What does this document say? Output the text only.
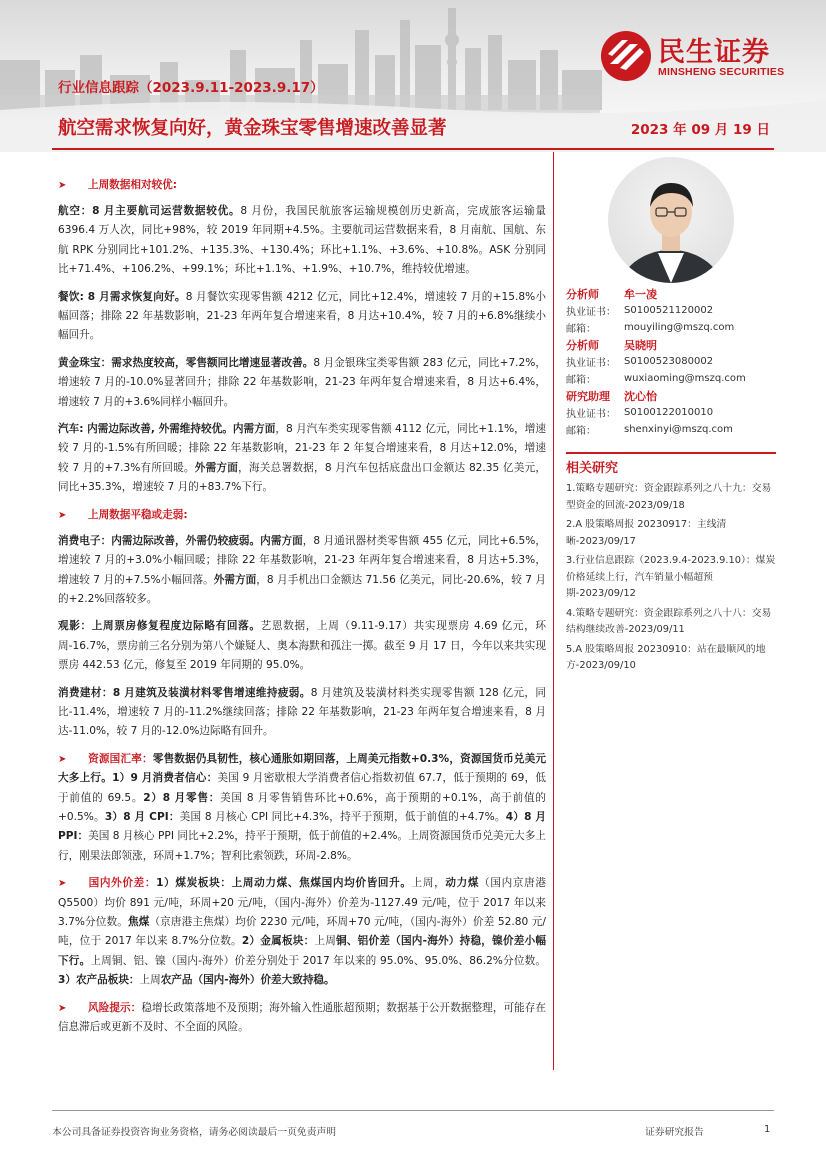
民生证券
MINSHENG SECURITIES
行业信息跟踪（2023.9.11-2023.9.17）
航空需求恢复向好，黄金珠宝零售增速改善显著	2023 年 09 月 19 日
➤	上周数据相对较优:

航空：8 月主要航司运营数据较优。8 月份，我国民航旅客运输规模创历史新高，完成旅客运输量 6396.4 万人次，同比+98%，较 2019 年同期+4.5%。主要航司运营数据来看，8 月南航、国航、东航 RPK 分别同比+101.2%、+135.3%、+130.4%；环比+1.1%、+3.6%、+10.8%。ASK 分别同比+71.4%、+106.2%、+99.1%；环比+1.1%、+1.9%、+10.7%，维持较优增速。

餐饮: 8 月需求恢复向好。8 月餐饮实现零售额 4212 亿元，同比+12.4%，增速较 7 月的+15.8%小幅回落；排除 22 年基数影响，21-23 年两年复合增速来看，8 月达+10.4%，较 7 月的+6.8%继续小幅回升。

黄金珠宝：需求热度较高，零售额同比增速显著改善。8 月金银珠宝类零售额 283 亿元，同比+7.2%，增速较 7 月的-10.0%显著回升；排除 22 年基数影响，21-23 年两年复合增速来看，8 月达+6.4%，增速较 7 月的+3.6%同样小幅回升。

汽车: 内需边际改善, 外需维持较优。内需方面，8 月汽车类实现零售额 4112 亿元，同比+1.1%，增速较 7 月的-1.5%有所回暖；排除 22 年基数影响，21-23 年 2 年复合增速来看，8 月达+12.0%，增速较 7 月的+7.3%有所回暖。外需方面，海关总署数据，8 月汽车包括底盘出口金额达 82.35 亿美元，同比+35.3%，增速较 7 月的+83.7%下行。

➤	上周数据平稳或走弱:

消费电子：内需边际改善，外需仍较疲弱。内需方面，8 月通讯器材类零售额 455 亿元，同比+6.5%，增速较 7 月的+3.0%小幅回暖；排除 22 年基数影响，21-23 年两年复合增速来看，8 月达+5.3%，增速较 7 月的+7.5%小幅回落。外需方面，8 月手机出口金额达 71.56 亿美元，同比-20.6%，较 7 月的+2.2%回落较多。

观影：上周票房修复程度边际略有回落。艺恩数据，上周（9.11-9.17）共实现票房 4.69 亿元，环周-16.7%，票房前三名分别为第八个嫌疑人、奥本海默和孤注一掷。截至 9 月 17 日，今年以来共实现票房 442.53 亿元，修复至 2019 年同期的 95.0%。

消费建材：8 月建筑及装潢材料零售增速维持疲弱。8 月建筑及装潢材料类实现零售额 128 亿元，同比-11.4%，增速较 7 月的-11.2%继续回落；排除 22 年基数影响，21-23 年两年复合增速来看，8 月达-11.0%，较 7 月的-12.0%边际略有回升。

➤ 资源国汇率：零售数据仍具韧性，核心通胀如期回落，上周美元指数+0.3%，资源国货币兑美元大多上行。1）9 月消费者信心：美国 9 月密歇根大学消费者信心指数初值 67.7，低于预期的 69，低于前值的 69.5。2）8 月零售：美国 8 月零售销售环比+0.6%，高于预期的+0.1%，高于前值的+0.5%。3）8 月 CPI：美国 8 月核心 CPI 同比+4.3%，持平于预期，低于前值的+4.7%。4）8 月 PPI：美国 8 月核心 PPI 同比+2.2%，持平于预期，低于前值的+2.4%。上周资源国货币兑美元大多上行，刚果法郎领涨，环周+1.7%；智利比索领跌，环周-2.8%。

➤ 国内外价差：1）煤炭板块：上周动力煤、焦煤国内均价皆回升。上周，动力煤（国内京唐港 Q5500）均价 891 元/吨，环周+20 元/吨，（国内-海外）价差为-1127.49 元/吨，位于 2017 年以来 3.7%分位数。焦煤（京唐港主焦煤）均价 2230 元/吨，环周+70 元/吨，（国内-海外）价差 52.80 元/吨，位于 2017 年以来 8.7%分位数。2）金属板块：上周铜、铝价差（国内-海外）持稳，镍价差小幅下行。上周铜、铝、镍（国内-海外）价差分别处于 2017 年以来的 95.0%、95.0%、86.2%分位数。3）农产品板块：上周农产品（国内-海外）价差大致持稳。

➤ 风险提示：稳增长政策落地不及预期；海外输入性通胀超预期；数据基于公开数据整理，可能存在信息滞后或更新不及时、不全面的风险。

分析师	牟一凌
执业证书： S0100521120002
邮箱：	mouyiling@mszq.com
分析师	吴晓明
执业证书： S0100523080002
邮箱：	wuxiaoming@mszq.com
研究助理	沈心怡
执业证书： S0100122010010
邮箱：	shenxinyi@mszq.com
相关研究
1.策略专题研究：资金跟踪系列之八十九：交易型资金的回流-2023/09/18
2.A 股策略周报 20230917：主线清晰-2023/09/17
3.行业信息跟踪（2023.9.4-2023.9.10）：煤炭价格延续上行，汽车销量小幅超预期-2023/09/12
4.策略专题研究：资金跟踪系列之八十八：交易结构继续改善-2023/09/11
5.A 股策略周报 20230910：站在最顺风的地方-2023/09/10
本公司具备证券投资咨询业务资格，请务必阅读最后一页免责声明	证券研究报告	1
